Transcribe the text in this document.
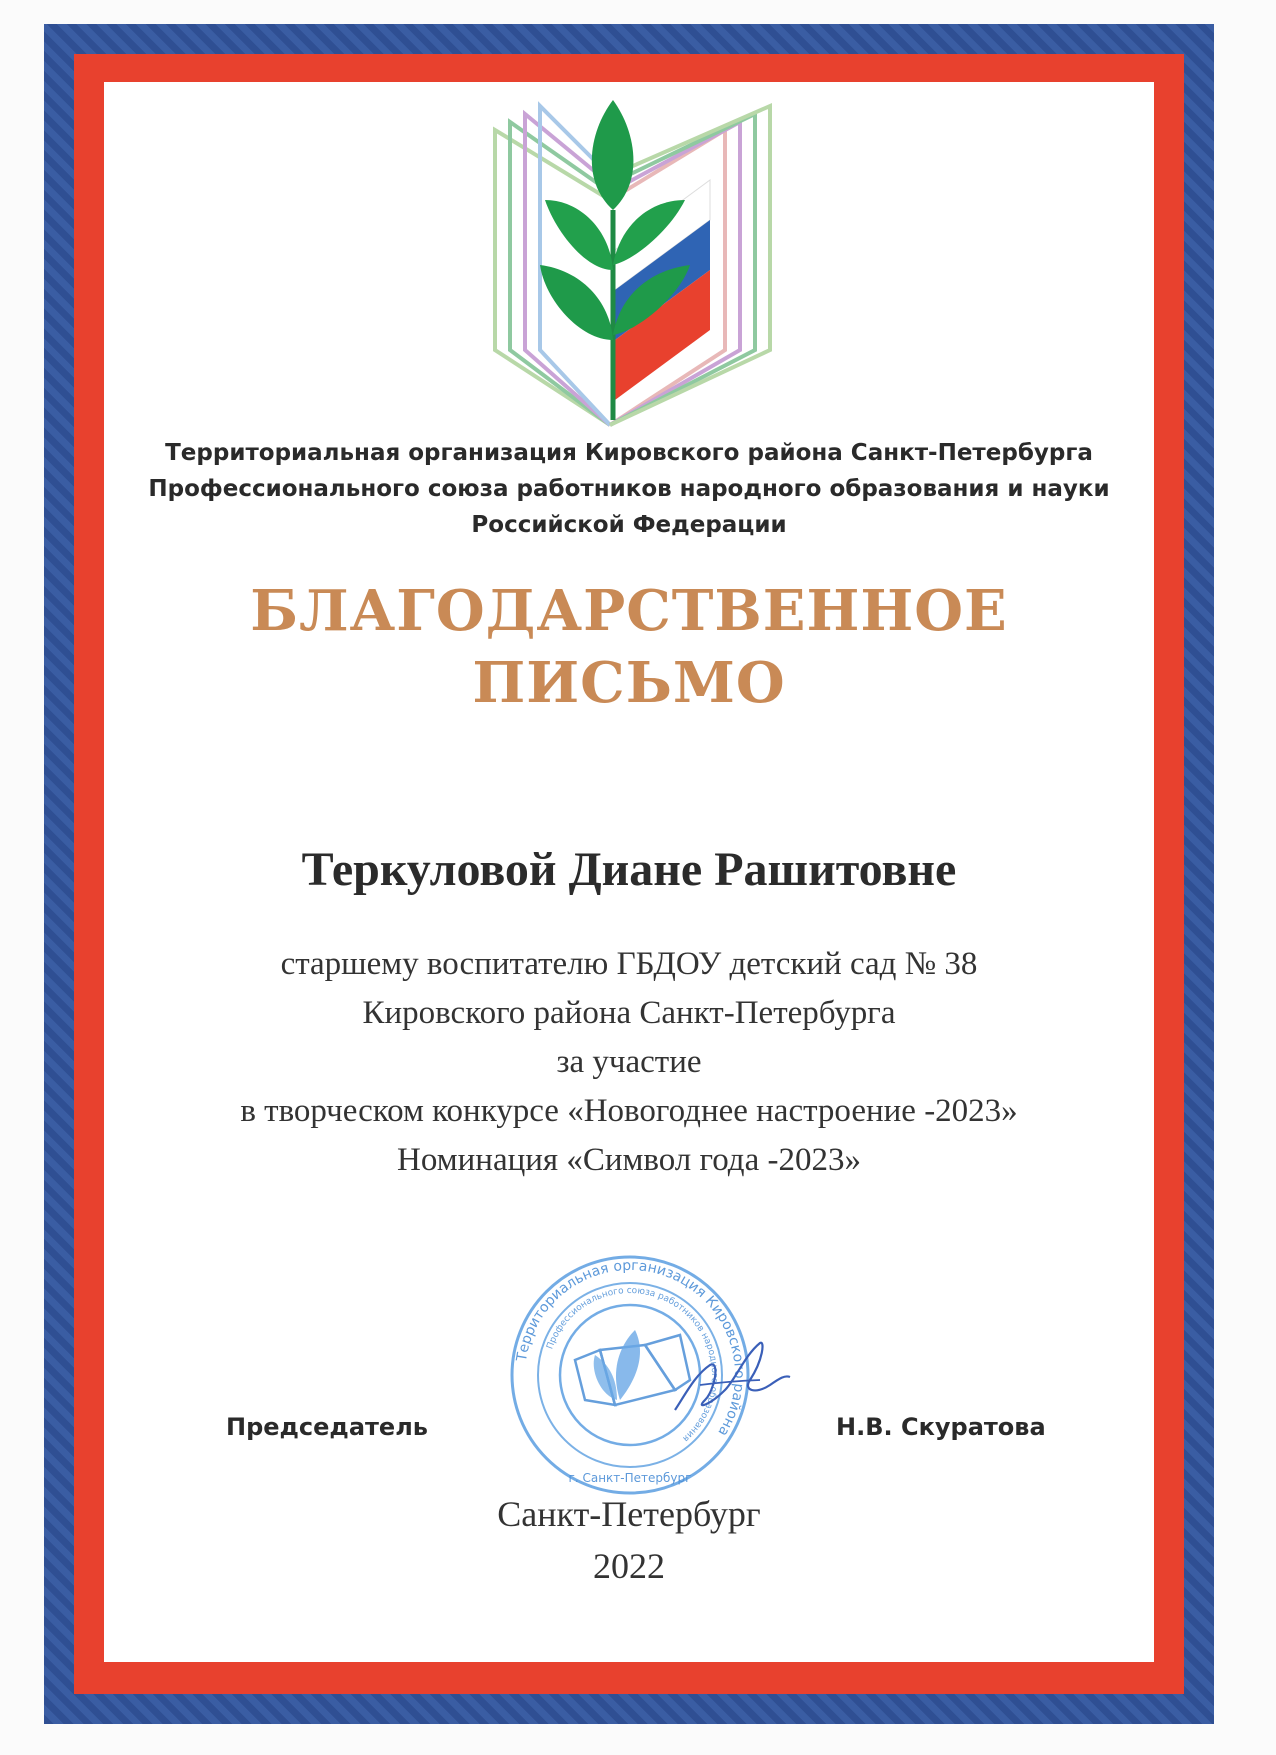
Территориальная организация Кировского района Санкт-Петербурга
Профессионального союза работников народного образования и науки
Российской Федерации
БЛАГОДАРСТВЕННОЕ
ПИСЬМО
Теркуловой Диане Рашитовне
старшему воспитателю ГБДОУ детский сад № 38
Кировского района Санкт-Петербурга
за участие
в творческом конкурсе «Новогоднее настроение -2023»
Номинация «Символ года -2023»
Председатель
Территориальная организация Кировского района
Профессионального союза работников народного образования
г. Санкт-Петербург
Н.В. Скуратова
Санкт-Петербург
2022
